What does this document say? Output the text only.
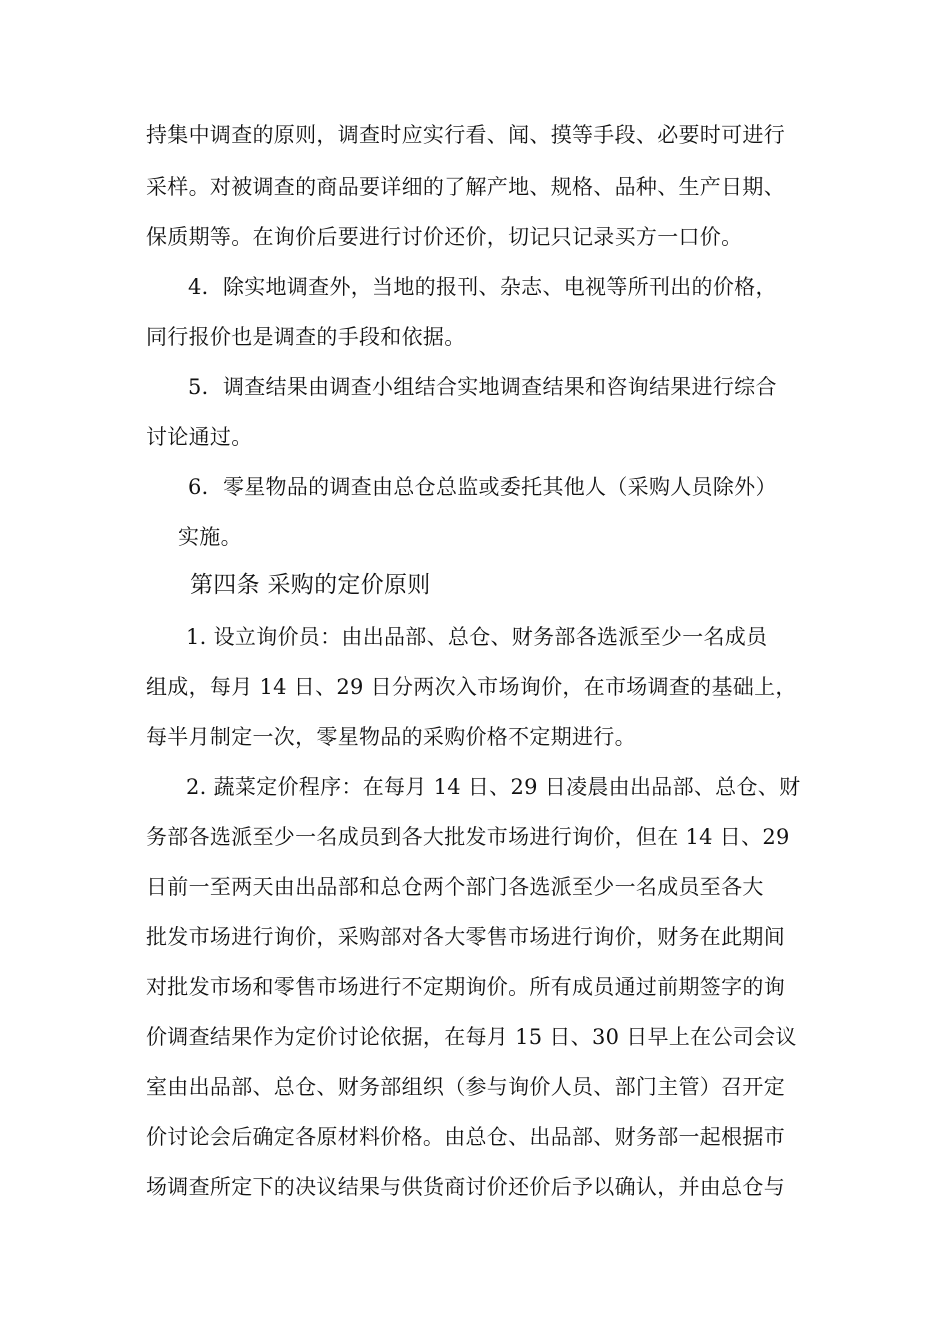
持集中调查的原则，调查时应实行看、闻、摸等手段、必要时可进行
采样。对被调查的商品要详细的了解产地、规格、品种、生产日期、
保质期等。在询价后要进行讨价还价，切记只记录买方一口价。
4．除实地调查外，当地的报刊、杂志、电视等所刊出的价格，
同行报价也是调查的手段和依据。
5．调查结果由调查小组结合实地调查结果和咨询结果进行综合
讨论通过。
6．零星物品的调查由总仓总监或委托其他人（采购人员除外）
实施。
第四条 采购的定价原则
1. 设立询价员：由出品部、总仓、财务部各选派至少一名成员
组成，每月 14 日、29 日分两次入市场询价，在市场调查的基础上，
每半月制定一次，零星物品的采购价格不定期进行。
2. 蔬菜定价程序：在每月 14 日、29 日凌晨由出品部、总仓、财
务部各选派至少一名成员到各大批发市场进行询价，但在 14 日、29
日前一至两天由出品部和总仓两个部门各选派至少一名成员至各大
批发市场进行询价，采购部对各大零售市场进行询价，财务在此期间
对批发市场和零售市场进行不定期询价。所有成员通过前期签字的询
价调查结果作为定价讨论依据，在每月 15 日、30 日早上在公司会议
室由出品部、总仓、财务部组织（参与询价人员、部门主管）召开定
价讨论会后确定各原材料价格。由总仓、出品部、财务部一起根据市
场调查所定下的决议结果与供货商讨价还价后予以确认，并由总仓与
